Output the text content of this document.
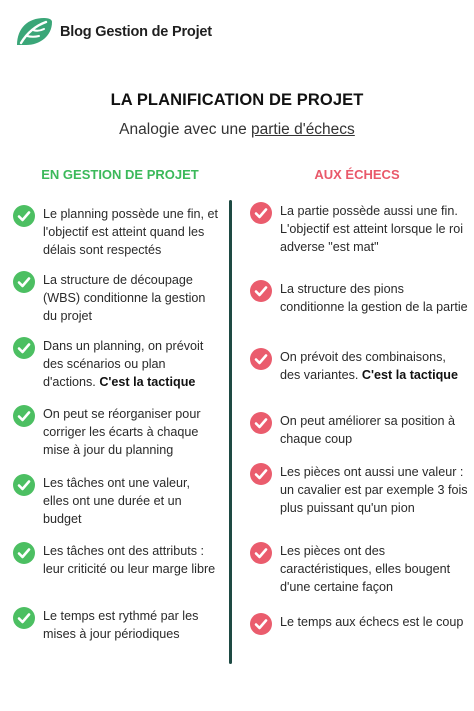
Blog Gestion de Projet
LA PLANIFICATION DE PROJET
Analogie avec une partie d'échecs
EN GESTION DE PROJET	AUX ÉCHECS
Le planning possède une fin, et l'objectif est atteint quand les délais sont respectés
La structure de découpage (WBS) conditionne la gestion du projet
Dans un planning, on prévoit des scénarios ou plan d'actions. C'est la tactique
On peut se réorganiser pour corriger les écarts à chaque mise à jour du planning
Les tâches ont une valeur, elles ont une durée et un budget
Les tâches ont des attributs : leur criticité ou leur marge libre
Le temps est rythmé par les mises à jour périodiques
La partie possède aussi une fin. L'objectif est atteint lorsque le roi adverse "est mat"
La structure des pions conditionne la gestion de la partie
On prévoit des combinaisons, des variantes. C'est la tactique
On peut améliorer sa position à chaque coup
Les pièces ont aussi une valeur : un cavalier est par exemple 3 fois plus puissant qu'un pion
Les pièces ont des caractéristiques, elles bougent d'une certaine façon
Le temps aux échecs est le coup
